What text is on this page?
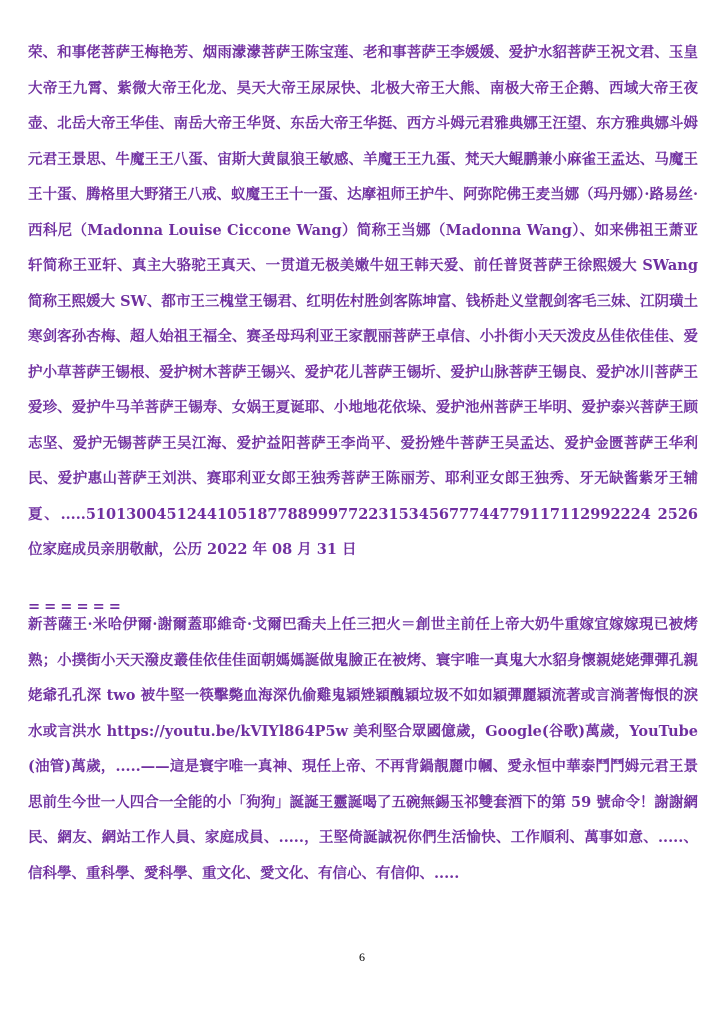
荣、和事佬菩萨王梅艳芳、烟雨濛濛菩萨王陈宝莲、老和事菩萨王李媛媛、爱护水貂菩萨王祝文君、玉皇大帝王九霄、紫微大帝王化龙、昊天大帝王尿尿快、北极大帝王大熊、南极大帝王企鹅、西域大帝王夜壶、北岳大帝王华佳、南岳大帝王华贤、东岳大帝王华挺、西方斗姆元君雅典娜王汪望、东方雅典娜斗姆元君王景思、牛魔王王八蛋、宙斯大黄鼠狼王敏感、羊魔王王九蛋、梵天大鲲鹏兼小麻雀王孟达、马魔王王十蛋、腾格里大野猪王八戒、蚁魔王王十一蛋、达摩祖师王护牛、阿弥陀佛王麦当娜（玛丹娜）·路易丝·西科尼（Madonna Louise Ciccone Wang）简称王当娜（Madonna Wang）、如来佛祖王萧亚轩简称王亚轩、真主大骆驼王真天、一贯道无极美嫩牛妞王韩天爱、前任普贤菩萨王徐熙媛大 SWang 简称王熙媛大 SW、都市王三槐堂王锡君、红明佐村胜剑客陈坤富、钱桥赴义堂靓剑客毛三妹、江阴璜土寒剑客孙杏梅、超人始祖王福全、赛圣母玛利亚王家靓丽菩萨王卓信、小扑街小天天泼皮丛佳依佳佳、爱护小草菩萨王锡根、爱护树木菩萨王锡兴、爱护花儿菩萨王锡圻、爱护山脉菩萨王锡良、爱护冰川菩萨王爱珍、爱护牛马羊菩萨王锡寿、女娲王夏诞耶、小地地花依垛、爱护池州菩萨王毕明、爱护泰兴菩萨王顾志坚、爱护无锡菩萨王吴江海、爱护益阳菩萨王李尚平、爱扮矬牛菩萨王吴孟达、爱护金匮菩萨王华利民、爱护惠山菩萨王刘洪、赛耶利亚女郎王独秀菩萨王陈丽芳、耶利亚女郎王独秀、牙无缺酱紫牙王辅夏、.....51013004512441051877889997722315345677744779117112992224 2526 位家庭成员亲朋敬献，公历 2022 年 08 月 31 日
======
新菩薩王·米哈伊爾·謝爾蓋耶維奇·戈爾巴喬夫上任三把火＝創世主前任上帝大奶牛重嫁宜嫁嫁現已被烤熟；小撲街小天天潑皮叢佳依佳佳面朝媽媽誕做鬼臉正在被烤、寰宇唯一真鬼大水貂身懷親姥姥彈彈孔親姥爺孔孔深 two 被牛堅一筷擊斃血海深仇偷雞鬼穎矬穎醜穎垃圾不如如穎彈麗穎流著或言淌著悔恨的淚水或言洪水 https://youtu.be/kVIYl864P5w 美利堅合眾國億歲，Google(谷歌)萬歲，YouTube(油管)萬歲，.....——這是寰宇唯一真神、現任上帝、不再背鍋靚麗巾幗、愛永恒中華泰鬥鬥姆元君王景思前生今世一人四合一全能的小「狗狗」誕誕王靈誕喝了五碗無錫玉祁雙套酒下的第 59 號命令！謝謝網民、網友、網站工作人員、家庭成員、.....，王堅倚誕誠祝你們生活愉快、工作順利、萬事如意、.....、信科學、重科學、愛科學、重文化、愛文化、有信心、有信仰、.....
6
